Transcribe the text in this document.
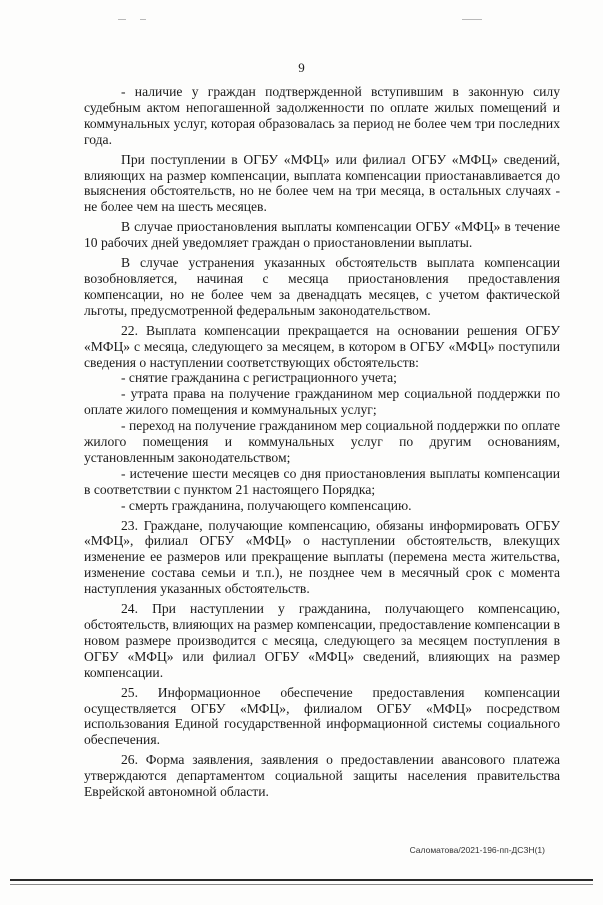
9

- наличие у граждан подтвержденной вступившим в законную силу судебным актом непогашенной задолженности по оплате жилых помещений и коммунальных услуг, которая образовалась за период не более чем три последних года.

При поступлении в ОГБУ «МФЦ» или филиал ОГБУ «МФЦ» сведений, влияющих на размер компенсации, выплата компенсации приостанавливается до выяснения обстоятельств, но не более чем на три месяца, в остальных случаях - не более чем на шесть месяцев.

В случае приостановления выплаты компенсации ОГБУ «МФЦ» в течение 10 рабочих дней уведомляет граждан о приостановлении выплаты.

В случае устранения указанных обстоятельств выплата компенсации возобновляется, начиная с месяца приостановления предоставления компенсации, но не более чем за двенадцать месяцев, с учетом фактической льготы, предусмотренной федеральным законодательством.

22. Выплата компенсации прекращается на основании решения ОГБУ «МФЦ» с месяца, следующего за месяцем, в котором в ОГБУ «МФЦ» поступили сведения о наступлении соответствующих обстоятельств:

- снятие гражданина с регистрационного учета;

- утрата права на получение гражданином мер социальной поддержки по оплате жилого помещения и коммунальных услуг;

- переход на получение гражданином мер социальной поддержки по оплате жилого помещения и коммунальных услуг по другим основаниям, установленным законодательством;

- истечение шести месяцев со дня приостановления выплаты компенсации в соответствии с пунктом 21 настоящего Порядка;

- смерть гражданина, получающего компенсацию.

23. Граждане, получающие компенсацию, обязаны информировать ОГБУ «МФЦ», филиал ОГБУ «МФЦ» о наступлении обстоятельств, влекущих изменение ее размеров или прекращение выплаты (перемена места жительства, изменение состава семьи и т.п.), не позднее чем в месячный срок с момента наступления указанных обстоятельств.

24. При наступлении у гражданина, получающего компенсацию, обстоятельств, влияющих на размер компенсации, предоставление компенсации в новом размере производится с месяца, следующего за месяцем поступления в ОГБУ «МФЦ» или филиал ОГБУ «МФЦ» сведений, влияющих на размер компенсации.

25. Информационное обеспечение предоставления компенсации осуществляется ОГБУ «МФЦ», филиалом ОГБУ «МФЦ» посредством использования Единой государственной информационной системы социального обеспечения.

26. Форма заявления, заявления о предоставлении авансового платежа утверждаются департаментом социальной защиты населения правительства Еврейской автономной области.

Саломатова/2021-196-пп-ДСЗН(1)
